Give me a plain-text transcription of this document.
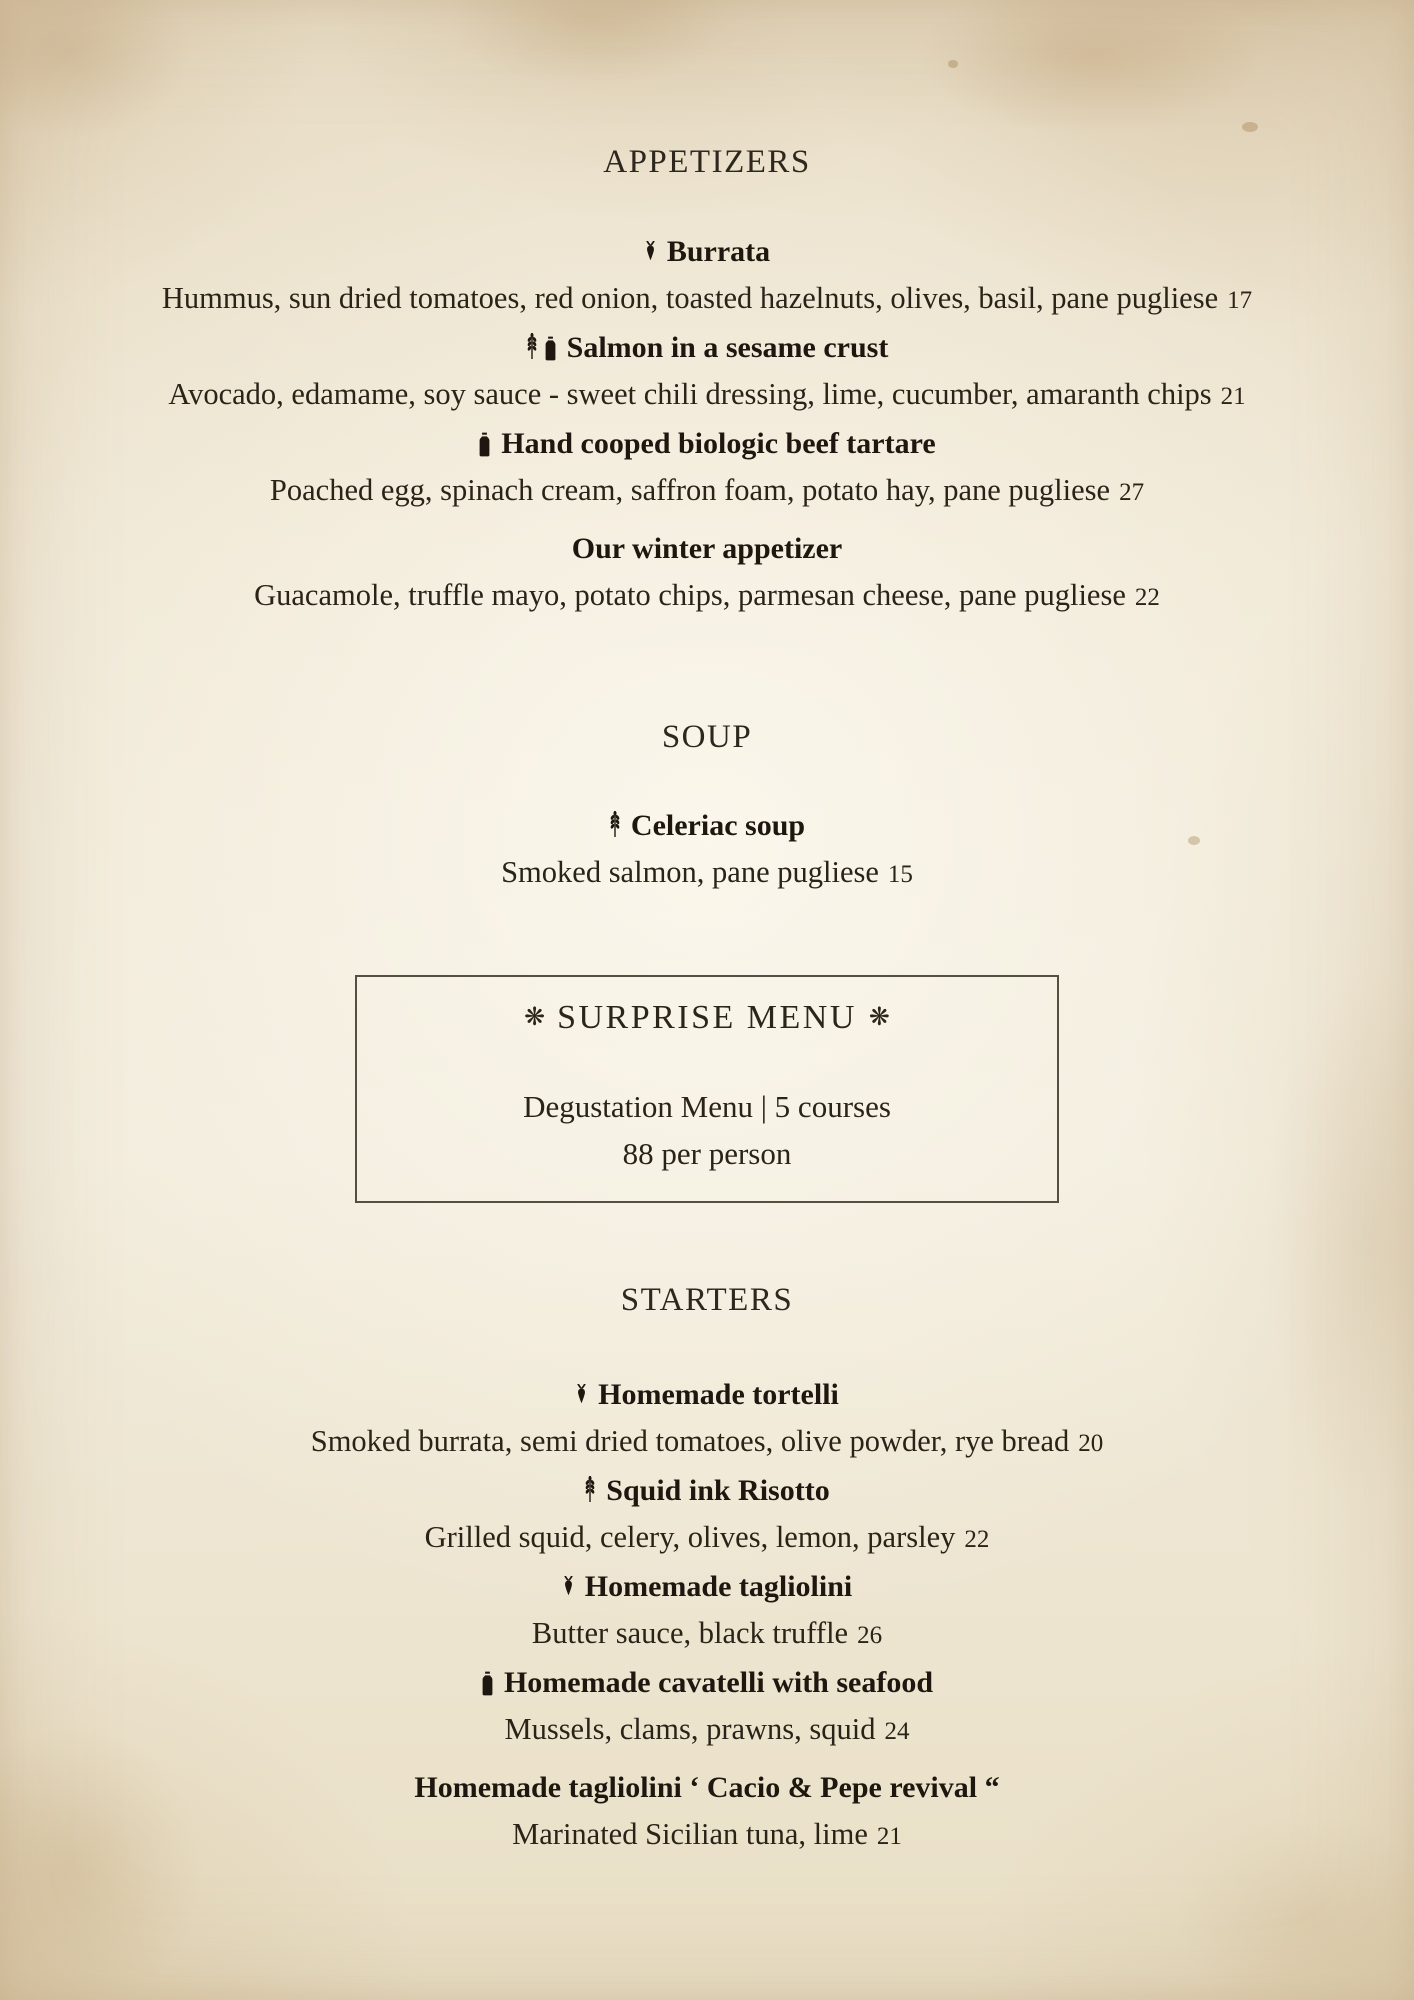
APPETIZERS
Burrata
Hummus, sun dried tomatoes, red onion, toasted hazelnuts, olives, basil, pane pugliese 17
Salmon in a sesame crust
Avocado, edamame, soy sauce - sweet chili dressing, lime, cucumber, amaranth chips 21
Hand cooped biologic beef tartare
Poached egg, spinach cream, saffron foam, potato hay, pane pugliese 27
Our winter appetizer
Guacamole, truffle mayo, potato chips, parmesan cheese, pane pugliese 22
SOUP
Celeriac soup
Smoked salmon, pane pugliese 15
❋ SURPRISE MENU ❋
Degustation Menu | 5 courses
88 per person
STARTERS
Homemade tortelli
Smoked burrata, semi dried tomatoes, olive powder, rye bread 20
Squid ink Risotto
Grilled squid, celery, olives, lemon, parsley 22
Homemade tagliolini
Butter sauce, black truffle 26
Homemade cavatelli with seafood
Mussels, clams, prawns, squid 24
Homemade tagliolini ‘ Cacio & Pepe revival “
Marinated Sicilian tuna, lime 21
